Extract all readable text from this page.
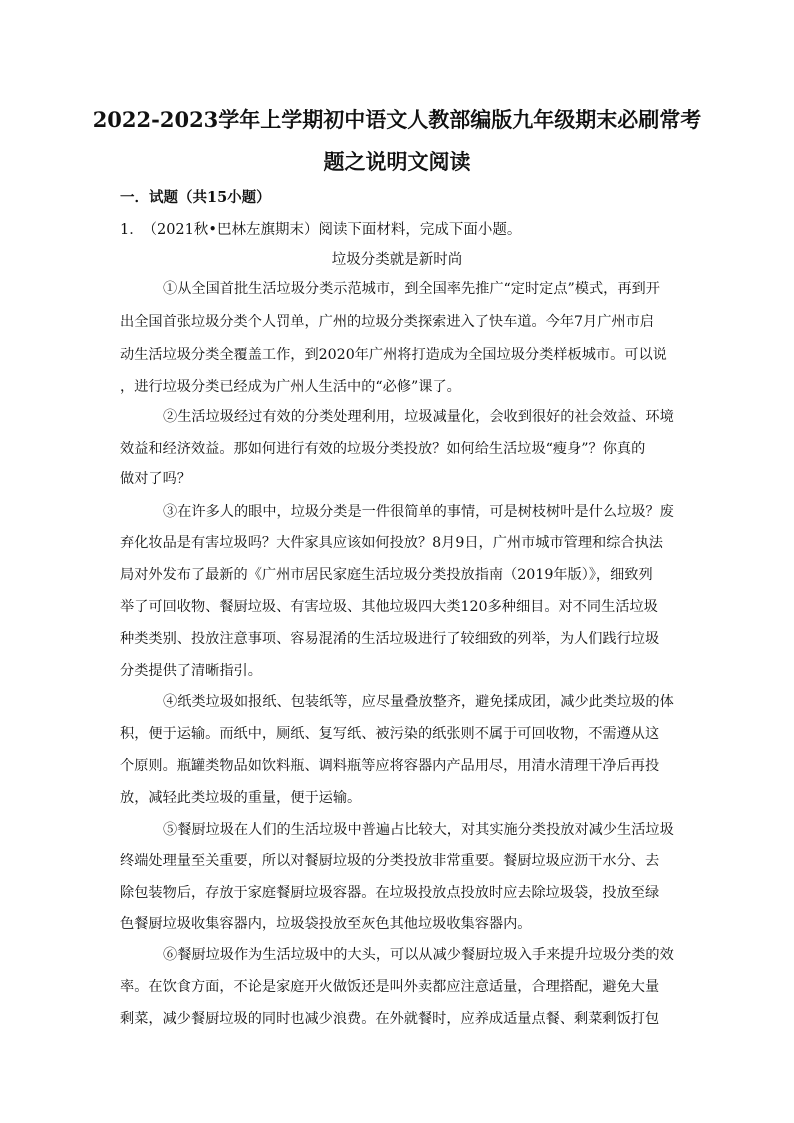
2022-2023学年上学期初中语文人教部编版九年级期末必刷常考
题之说明文阅读
一．试题（共15小题）
1． （2021秋•巴林左旗期末）阅读下面材料，完成下面小题。
垃圾分类就是新时尚
①从全国首批生活垃圾分类示范城市，到全国率先推广“定时定点”模式，再到开
出全国首张垃圾分类个人罚单，广州的垃圾分类探索进入了快车道。今年7月广州市启
动生活垃圾分类全覆盖工作，到2020年广州将打造成为全国垃圾分类样板城市。可以说
，进行垃圾分类已经成为广州人生活中的“必修”课了。
②生活垃圾经过有效的分类处理利用，垃圾减量化，会收到很好的社会效益、环境
效益和经济效益。那如何进行有效的垃圾分类投放？如何给生活垃圾“瘦身”？你真的
做对了吗？
③在许多人的眼中，垃圾分类是一件很简单的事情，可是树枝树叶是什么垃圾？废
弃化妆品是有害垃圾吗？大件家具应该如何投放？8月9日，广州市城市管理和综合执法
局对外发布了最新的《广州市居民家庭生活垃圾分类投放指南（2019年版）》，细致列
举了可回收物、餐厨垃圾、有害垃圾、其他垃圾四大类120多种细目。对不同生活垃圾
种类类别、投放注意事项、容易混淆的生活垃圾进行了较细致的列举，为人们践行垃圾
分类提供了清晰指引。
④纸类垃圾如报纸、包装纸等，应尽量叠放整齐，避免揉成团，减少此类垃圾的体
积，便于运输。而纸中，厕纸、复写纸、被污染的纸张则不属于可回收物，不需遵从这
个原则。瓶罐类物品如饮料瓶、调料瓶等应将容器内产品用尽，用清水清理干净后再投
放，减轻此类垃圾的重量，便于运输。
⑤餐厨垃圾在人们的生活垃圾中普遍占比较大，对其实施分类投放对减少生活垃圾
终端处理量至关重要，所以对餐厨垃圾的分类投放非常重要。餐厨垃圾应沥干水分、去
除包装物后，存放于家庭餐厨垃圾容器。在垃圾投放点投放时应去除垃圾袋，投放至绿
色餐厨垃圾收集容器内，垃圾袋投放至灰色其他垃圾收集容器内。
⑥餐厨垃圾作为生活垃圾中的大头，可以从减少餐厨垃圾入手来提升垃圾分类的效
率。在饮食方面，不论是家庭开火做饭还是叫外卖都应注意适量，合理搭配，避免大量
剩菜，减少餐厨垃圾的同时也减少浪费。在外就餐时，应养成适量点餐、剩菜剩饭打包
